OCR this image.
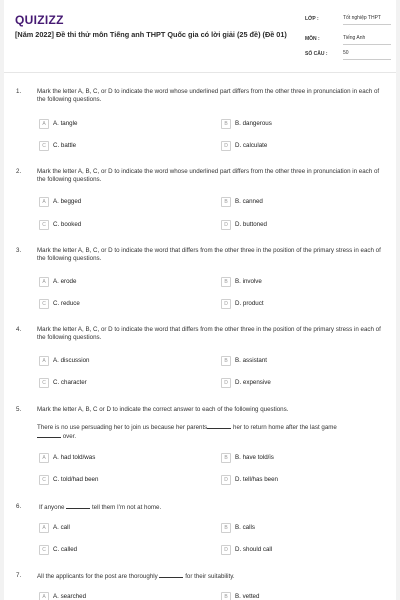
QUIZIZZ
[Năm 2022] Đề thi thử môn Tiếng anh THPT Quốc gia có lời giải (25 đề) (Đề 01)
LỚP :	Tốt nghiệp THPT
MÔN :	Tiếng Anh
SỐ CÂU :	50
1.	Mark the letter A, B, C, or D to indicate the word whose underlined part differs from the other three in pronunciation in each of the following questions.
A	A. tangle	B	B. dangerous
C	C. battle	D	D. calculate
2.	Mark the letter A, B, C, or D to indicate the word whose underlined part differs from the other three in pronunciation in each of the following questions.
A	A. begged	B	B. canned
C	C. booked	D	D. buttoned
3.	Mark the letter A, B, C, or D to indicate the word that differs from the other three in the position of the primary stress in each of the following questions.
A	A. erode	B	B. involve
C	C. reduce	D	D. product
4.	Mark the letter A, B, C, or D to indicate the word that differs from the other three in the position of the primary stress in each of the following questions.
A	A. discussion	B	B. assistant
C	C. character	D	D. expensive
5.	Mark the letter A, B, C or D to indicate the correct answer to each of the following questions.
There is no use persuading her to join us because her parents	her to return home after the last game
over.
A	A. had told/was	B	B. have told/is
C	C. told/had been	D	D. tell/has been
6.	If anyone	tell them I'm not at home.
A	A. call	B	B. calls
C	C. called	D	D. should call
7.	All the applicants for the post are thoroughly	for their suitability.
A	A. searched	B	B. vetted
